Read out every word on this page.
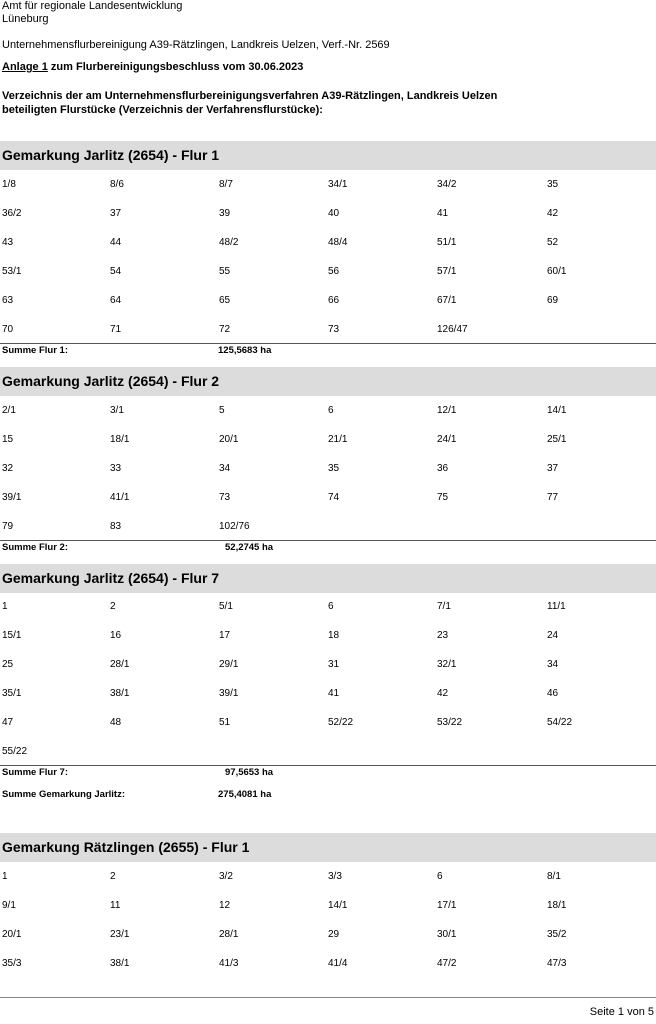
Amt für regionale Landesentwicklung
Lüneburg
Unternehmensflurbereinigung A39-Rätzlingen, Landkreis Uelzen, Verf.-Nr. 2569
Anlage 1 zum Flurbereinigungsbeschluss vom 30.06.2023
Verzeichnis der am Unternehmensflurbereinigungsverfahren A39-Rätzlingen, Landkreis Uelzen
beteiligten Flurstücke (Verzeichnis der Verfahrensflurstücke):
Gemarkung Jarlitz (2654) - Flur 1
1/8	8/6	8/7	34/1	34/2	35
36/2	37	39	40	41	42
43	44	48/2	48/4	51/1	52
53/1	54	55	56	57/1	60/1
63	64	65	66	67/1	69
70	71	72	73	126/47
Summe Flur 1:	125,5683 ha
Gemarkung Jarlitz (2654) - Flur 2
2/1	3/1	5	6	12/1	14/1
15	18/1	20/1	21/1	24/1	25/1
32	33	34	35	36	37
39/1	41/1	73	74	75	77
79	83	102/76
Summe Flur 2:	52,2745 ha
Gemarkung Jarlitz (2654) - Flur 7
1	2	5/1	6	7/1	11/1
15/1	16	17	18	23	24
25	28/1	29/1	31	32/1	34
35/1	38/1	39/1	41	42	46
47	48	51	52/22	53/22	54/22
55/22
Summe Flur 7:	97,5653 ha
Summe Gemarkung Jarlitz:	275,4081 ha
Gemarkung Rätzlingen (2655) - Flur 1
1	2	3/2	3/3	6	8/1
9/1	11	12	14/1	17/1	18/1
20/1	23/1	28/1	29	30/1	35/2
35/3	38/1	41/3	41/4	47/2	47/3
Seite 1 von 5
